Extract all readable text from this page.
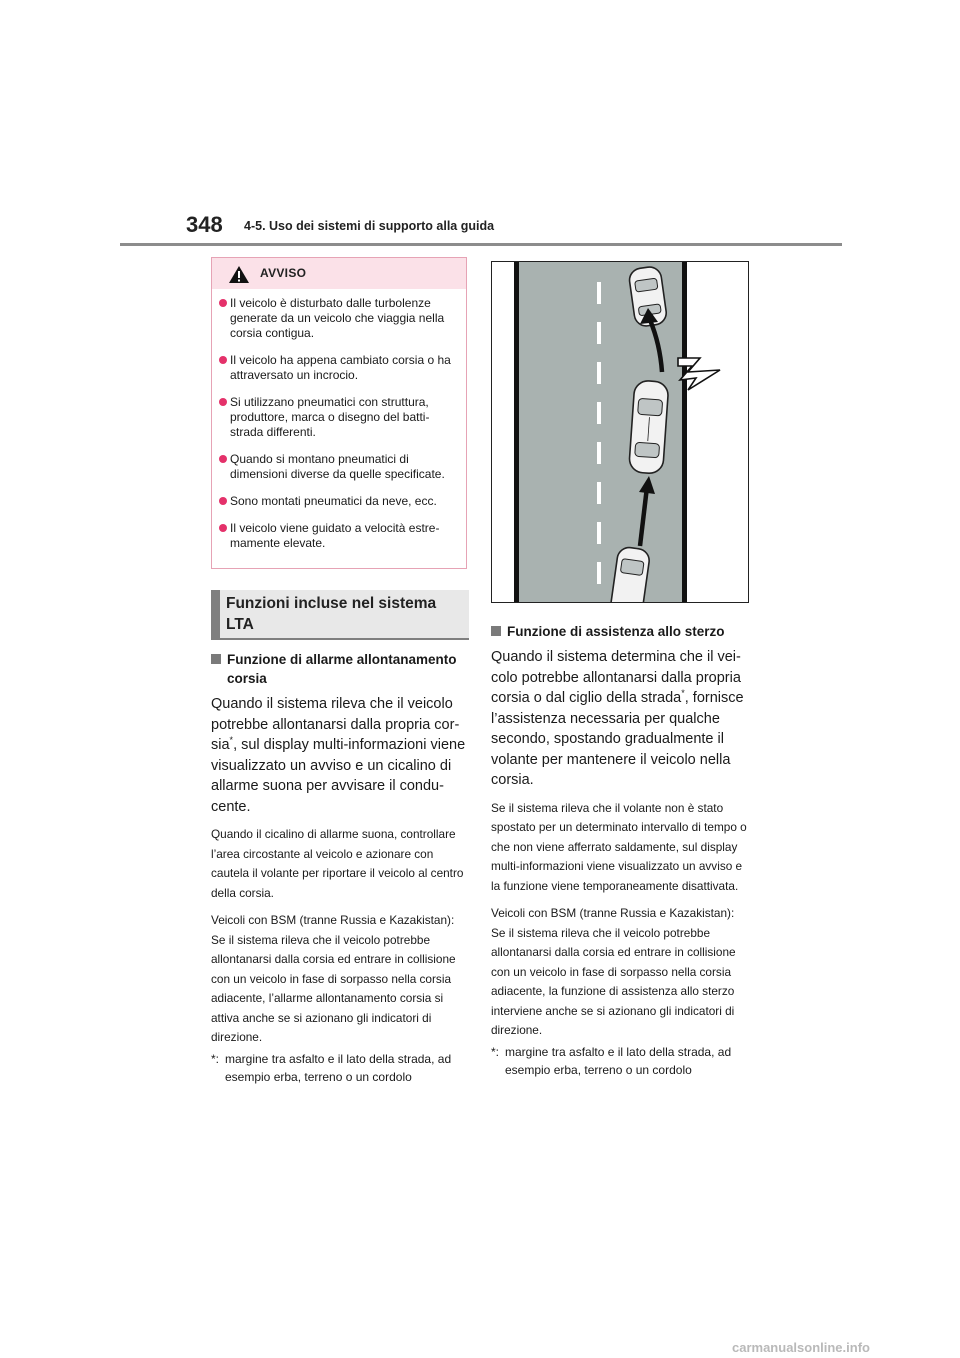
348 4-5. Uso dei sistemi di supporto alla guida
AVVISO
Il veicolo è disturbato dalle turbolenze generate da un veicolo che viaggia nella corsia contigua.
Il veicolo ha appena cambiato corsia o ha attraversato un incrocio.
Si utilizzano pneumatici con struttura, produttore, marca o disegno del battistrada differenti.
Quando si montano pneumatici di dimensioni diverse da quelle specificate.
Sono montati pneumatici da neve, ecc.
Il veicolo viene guidato a velocità estremamente elevate.
Funzioni incluse nel sistema LTA
Funzione di allarme allontanamento corsia
Quando il sistema rileva che il veicolo potrebbe allontanarsi dalla propria corsia*, sul display multi-informazioni viene visualizzato un avviso e un cicalino di allarme suona per avvisare il conducente.
Quando il cicalino di allarme suona, controllare l’area circostante al veicolo e azionare con cautela il volante per riportare il veicolo al centro della corsia.
Veicoli con BSM (tranne Russia e Kazakistan): Se il sistema rileva che il veicolo potrebbe allontanarsi dalla corsia ed entrare in collisione con un veicolo in fase di sorpasso nella corsia adiacente, l’allarme allontanamento corsia si attiva anche se si azionano gli indicatori di direzione.
*: margine tra asfalto e il lato della strada, ad esempio erba, terreno o un cordolo
Funzione di assistenza allo sterzo
Quando il sistema determina che il veicolo potrebbe allontanarsi dalla propria corsia o dal ciglio della strada*, fornisce l’assistenza necessaria per qualche secondo, spostando gradualmente il volante per mantenere il veicolo nella corsia.
Se il sistema rileva che il volante non è stato spostato per un determinato intervallo di tempo o che non viene afferrato saldamente, sul display multi-informazioni viene visualizzato un avviso e la funzione viene temporaneamente disattivata.
Veicoli con BSM (tranne Russia e Kazakistan): Se il sistema rileva che il veicolo potrebbe allontanarsi dalla corsia ed entrare in collisione con un veicolo in fase di sorpasso nella corsia adiacente, la funzione di assistenza allo sterzo interviene anche se si azionano gli indicatori di direzione.
*: margine tra asfalto e il lato della strada, ad esempio erba, terreno o un cordolo
carmanualsonline.info
